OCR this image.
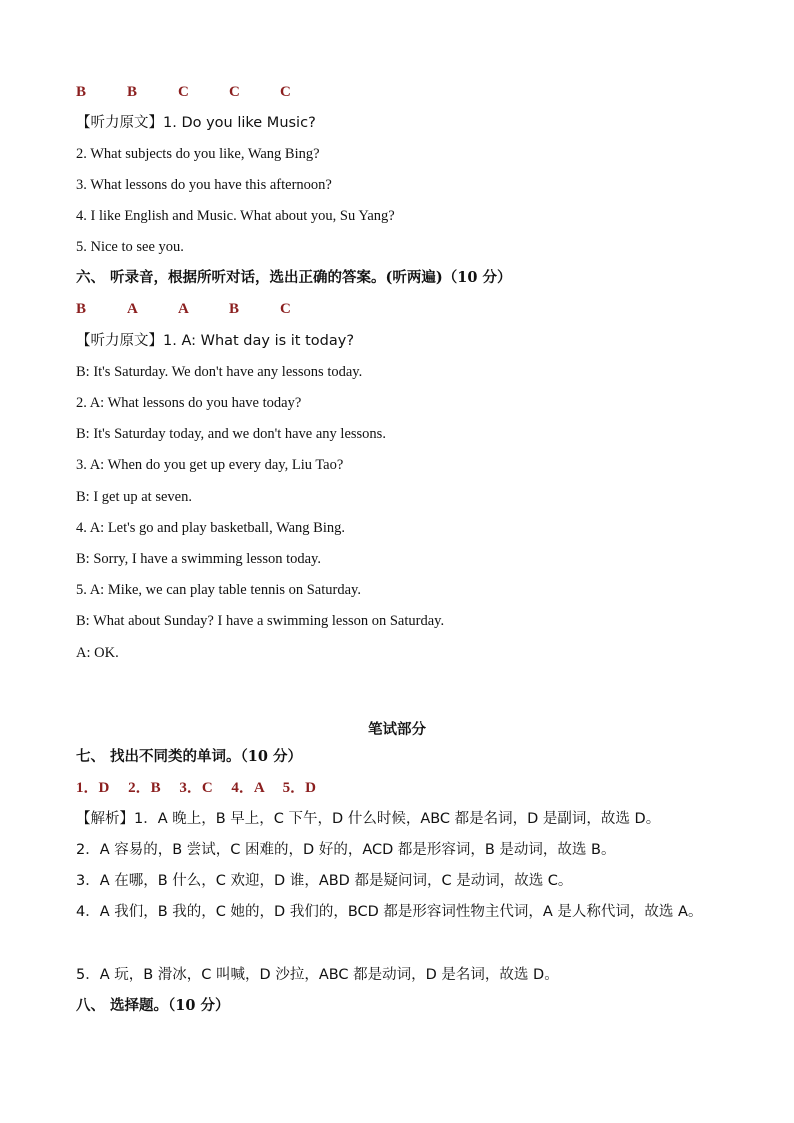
B	B	C	C	C
【听力原文】1. Do you like Music?
2. What subjects do you like, Wang Bing?
3. What lessons do you have this afternoon?
4. I like English and Music. What about you, Su Yang?
5. Nice to see you.
六、 听录音，根据所听对话，选出正确的答案。(听两遍)（10 分）
B	A	A	B	C
【听力原文】1. A: What day is it today?
B: It's Saturday. We don't have any lessons today.
2. A: What lessons do you have today?
B: It's Saturday today, and we don't have any lessons.
3. A: When do you get up every day, Liu Tao?
B: I get up at seven.
4. A: Let's go and play basketball, Wang Bing.
B: Sorry, I have a swimming lesson today.
5. A: Mike, we can play table tennis on Saturday.
B: What about Sunday? I have a swimming lesson on Saturday.
A: OK.
笔试部分
七、 找出不同类的单词。（10 分）
1．D     2．B     3．C     4．A     5．D
【解析】1．A 晚上，B 早上，C 下午，D 什么时候，ABC 都是名词，D 是副词，故选 D。
2．A 容易的，B 尝试，C 困难的，D 好的，ACD 都是形容词，B 是动词，故选 B。
3．A 在哪，B 什么，C 欢迎，D 谁，ABD 都是疑问词，C 是动词，故选 C。
4．A 我们，B 我的，C 她的，D 我们的，BCD 都是形容词性物主代词，A 是人称代词，故选 A。
5．A 玩，B 滑冰，C 叫喊，D 沙拉，ABC 都是动词，D 是名词，故选 D。
八、 选择题。（10 分）
